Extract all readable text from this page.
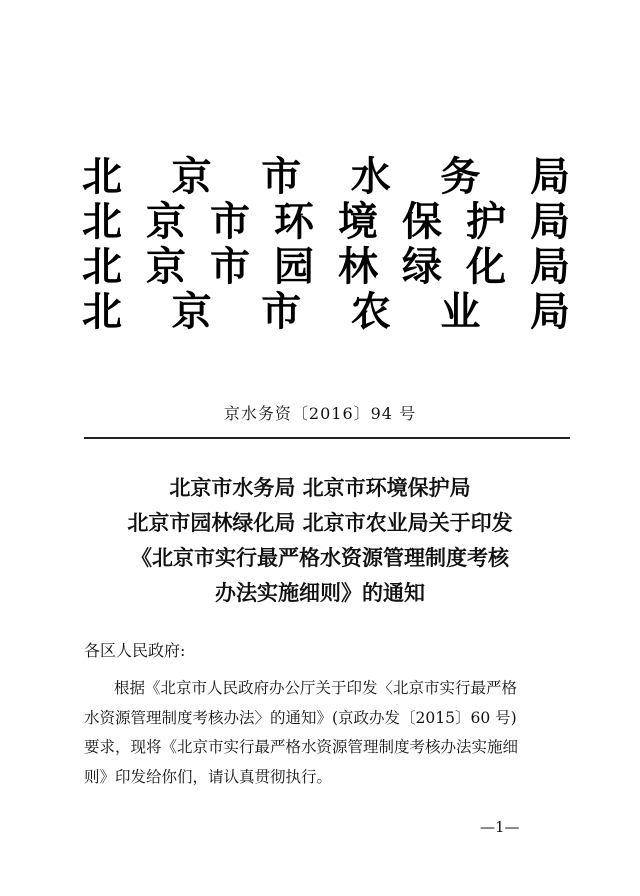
北 京 市 水 务 局
北 京 市 环 境 保 护 局
北 京 市 园 林 绿 化 局
北 京 市 农 业 局
京水务资〔2016〕94 号
北京市水务局 北京市环境保护局
北京市园林绿化局 北京市农业局关于印发
《北京市实行最严格水资源管理制度考核
办法实施细则》的通知
各区人民政府:
根据《北京市人民政府办公厅关于印发〈北京市实行最严格
水资源管理制度考核办法〉的通知》(京政办发〔2015〕60 号)
要求，现将《北京市实行最严格水资源管理制度考核办法实施细
则》印发给你们，请认真贯彻执行。
—1—
